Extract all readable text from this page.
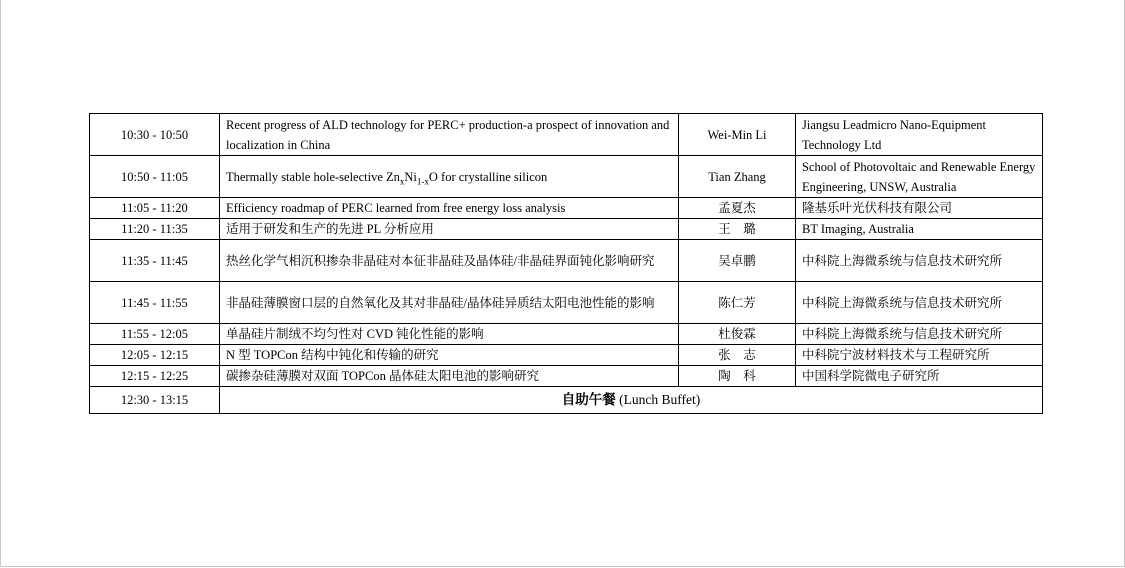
10:30 - 10:50	Recent progress of ALD technology for PERC+ production-a prospect of innovation and localization in China	Wei-Min Li	Jiangsu Leadmicro Nano-Equipment Technology Ltd
10:50 - 11:05	Thermally stable hole-selective $Zn_xNi_{1-x}O$ for crystalline silicon	Tian Zhang	School of Photovoltaic and Renewable Energy Engineering, UNSW, Australia
11:05 - 11:20	Efficiency roadmap of PERC learned from free energy loss analysis	孟夏杰	隆基乐叶光伏科技有限公司
11:20 - 11:35	适用于研发和生产的先进 PL 分析应用	王　璐	BT Imaging, Australia
11:35 - 11:45	热丝化学气相沉积掺杂非晶硅对本征非晶硅及晶体硅/非晶硅界面钝化影响研究	吴卓鹏	中科院上海微系统与信息技术研究所
11:45 - 11:55	非晶硅薄膜窗口层的自然氧化及其对非晶硅/晶体硅异质结太阳电池性能的影响	陈仁芳	中科院上海微系统与信息技术研究所
11:55 - 12:05	单晶硅片制绒不均匀性对 CVD 钝化性能的影响	杜俊霖	中科院上海微系统与信息技术研究所
12:05 - 12:15	N 型 TOPCon 结构中钝化和传输的研究	张　志	中科院宁波材料技术与工程研究所
12:15 - 12:25	碳掺杂硅薄膜对双面 TOPCon 晶体硅太阳电池的影响研究	陶　科	中国科学院微电子研究所
12:30 - 13:15	自助午餐 (Lunch Buffet)		
